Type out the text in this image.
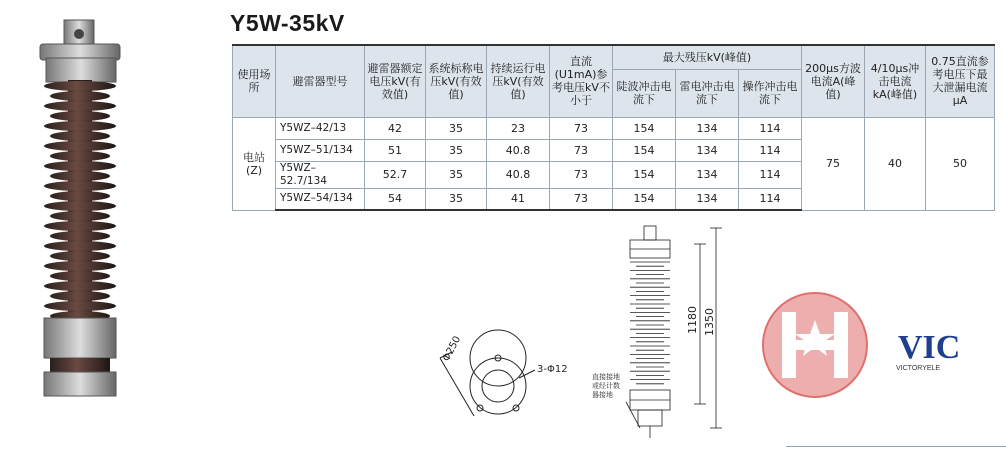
Y5W-35kV
使用场所	避雷器型号	避雷器额定电压kV(有效值)	系统标称电压kV(有效值)	持续运行电压kV(有效值)	直流(U1mA)参考电压kV不小于	最大残压kV(峰值)			200μs方波电流A(峰值)	4/10μs冲击电流kA(峰值)	0.75直流参考电压下最大泄漏电流μA
						陡波冲击电流下	雷电冲击电流下	操作冲击电流下			
电站(Z)	Y5WZ–42/13	42	35	23	73	154	134	114	75	40	50
	Y5WZ–51/134	51	35	40.8	73	154	134	114			
	Y5WZ–52.7/134	52.7	35	40.8	73	154	134	114			
	Y5WZ–54/134	54	35	41	73	154	134	114			
Φ250
3-Φ12
1180 1350
直接接地
或经计数
器接地
VIC
VICTORYELE
